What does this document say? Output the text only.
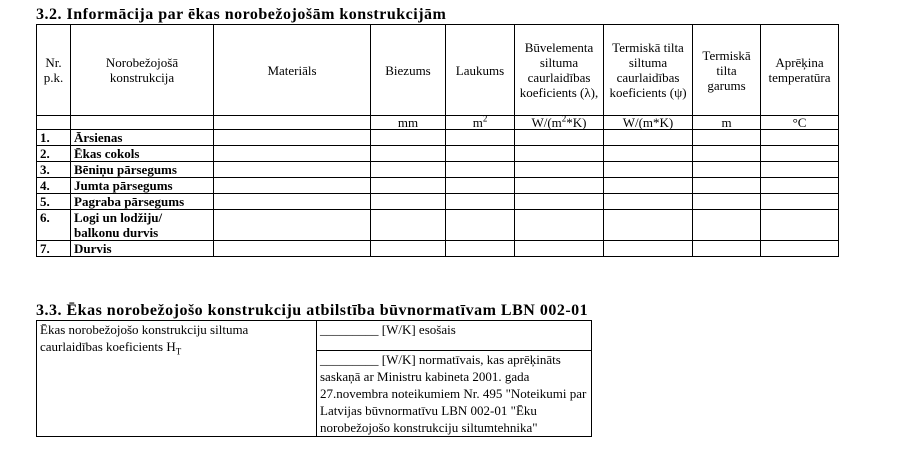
3.2. Informācija par ēkas norobežojošām konstrukcijām
Nr. p.k.	Norobežojošā konstrukcija	Materiāls	Biezums	Laukums	Būvelementa siltuma caurlaidības koeficients (λ),	Termiskā tilta siltuma caurlaidības koeficients (ψ)	Termiskā tilta garums	Aprēķina temperatūra
			mm	$m^2$	$W/(m^2*K)$	W/(m*K)	m	°C
1.	Ārsienas							
2.	Ēkas cokols							
3.	Bēniņu pārsegums							
4.	Jumta pārsegums							
5.	Pagraba pārsegums							
6.	Logi un lodžiju/ balkonu durvis							
7.	Durvis							
3.3. Ēkas norobežojošo konstrukciju atbilstība būvnormatīvam LBN 002-01
Ēkas norobežojošo konstrukciju siltuma caurlaidības koeficients $H_T$	_________ [W/K] esošais
_________ [W/K] normatīvais, kas aprēķināts saskaņā ar Ministru kabineta 2001. gada 27.novembra noteikumiem Nr. 495 "Noteikumi par Latvijas būvnormatīvu LBN 002-01 "Ēku norobežojošo konstrukciju siltumtehnika"
